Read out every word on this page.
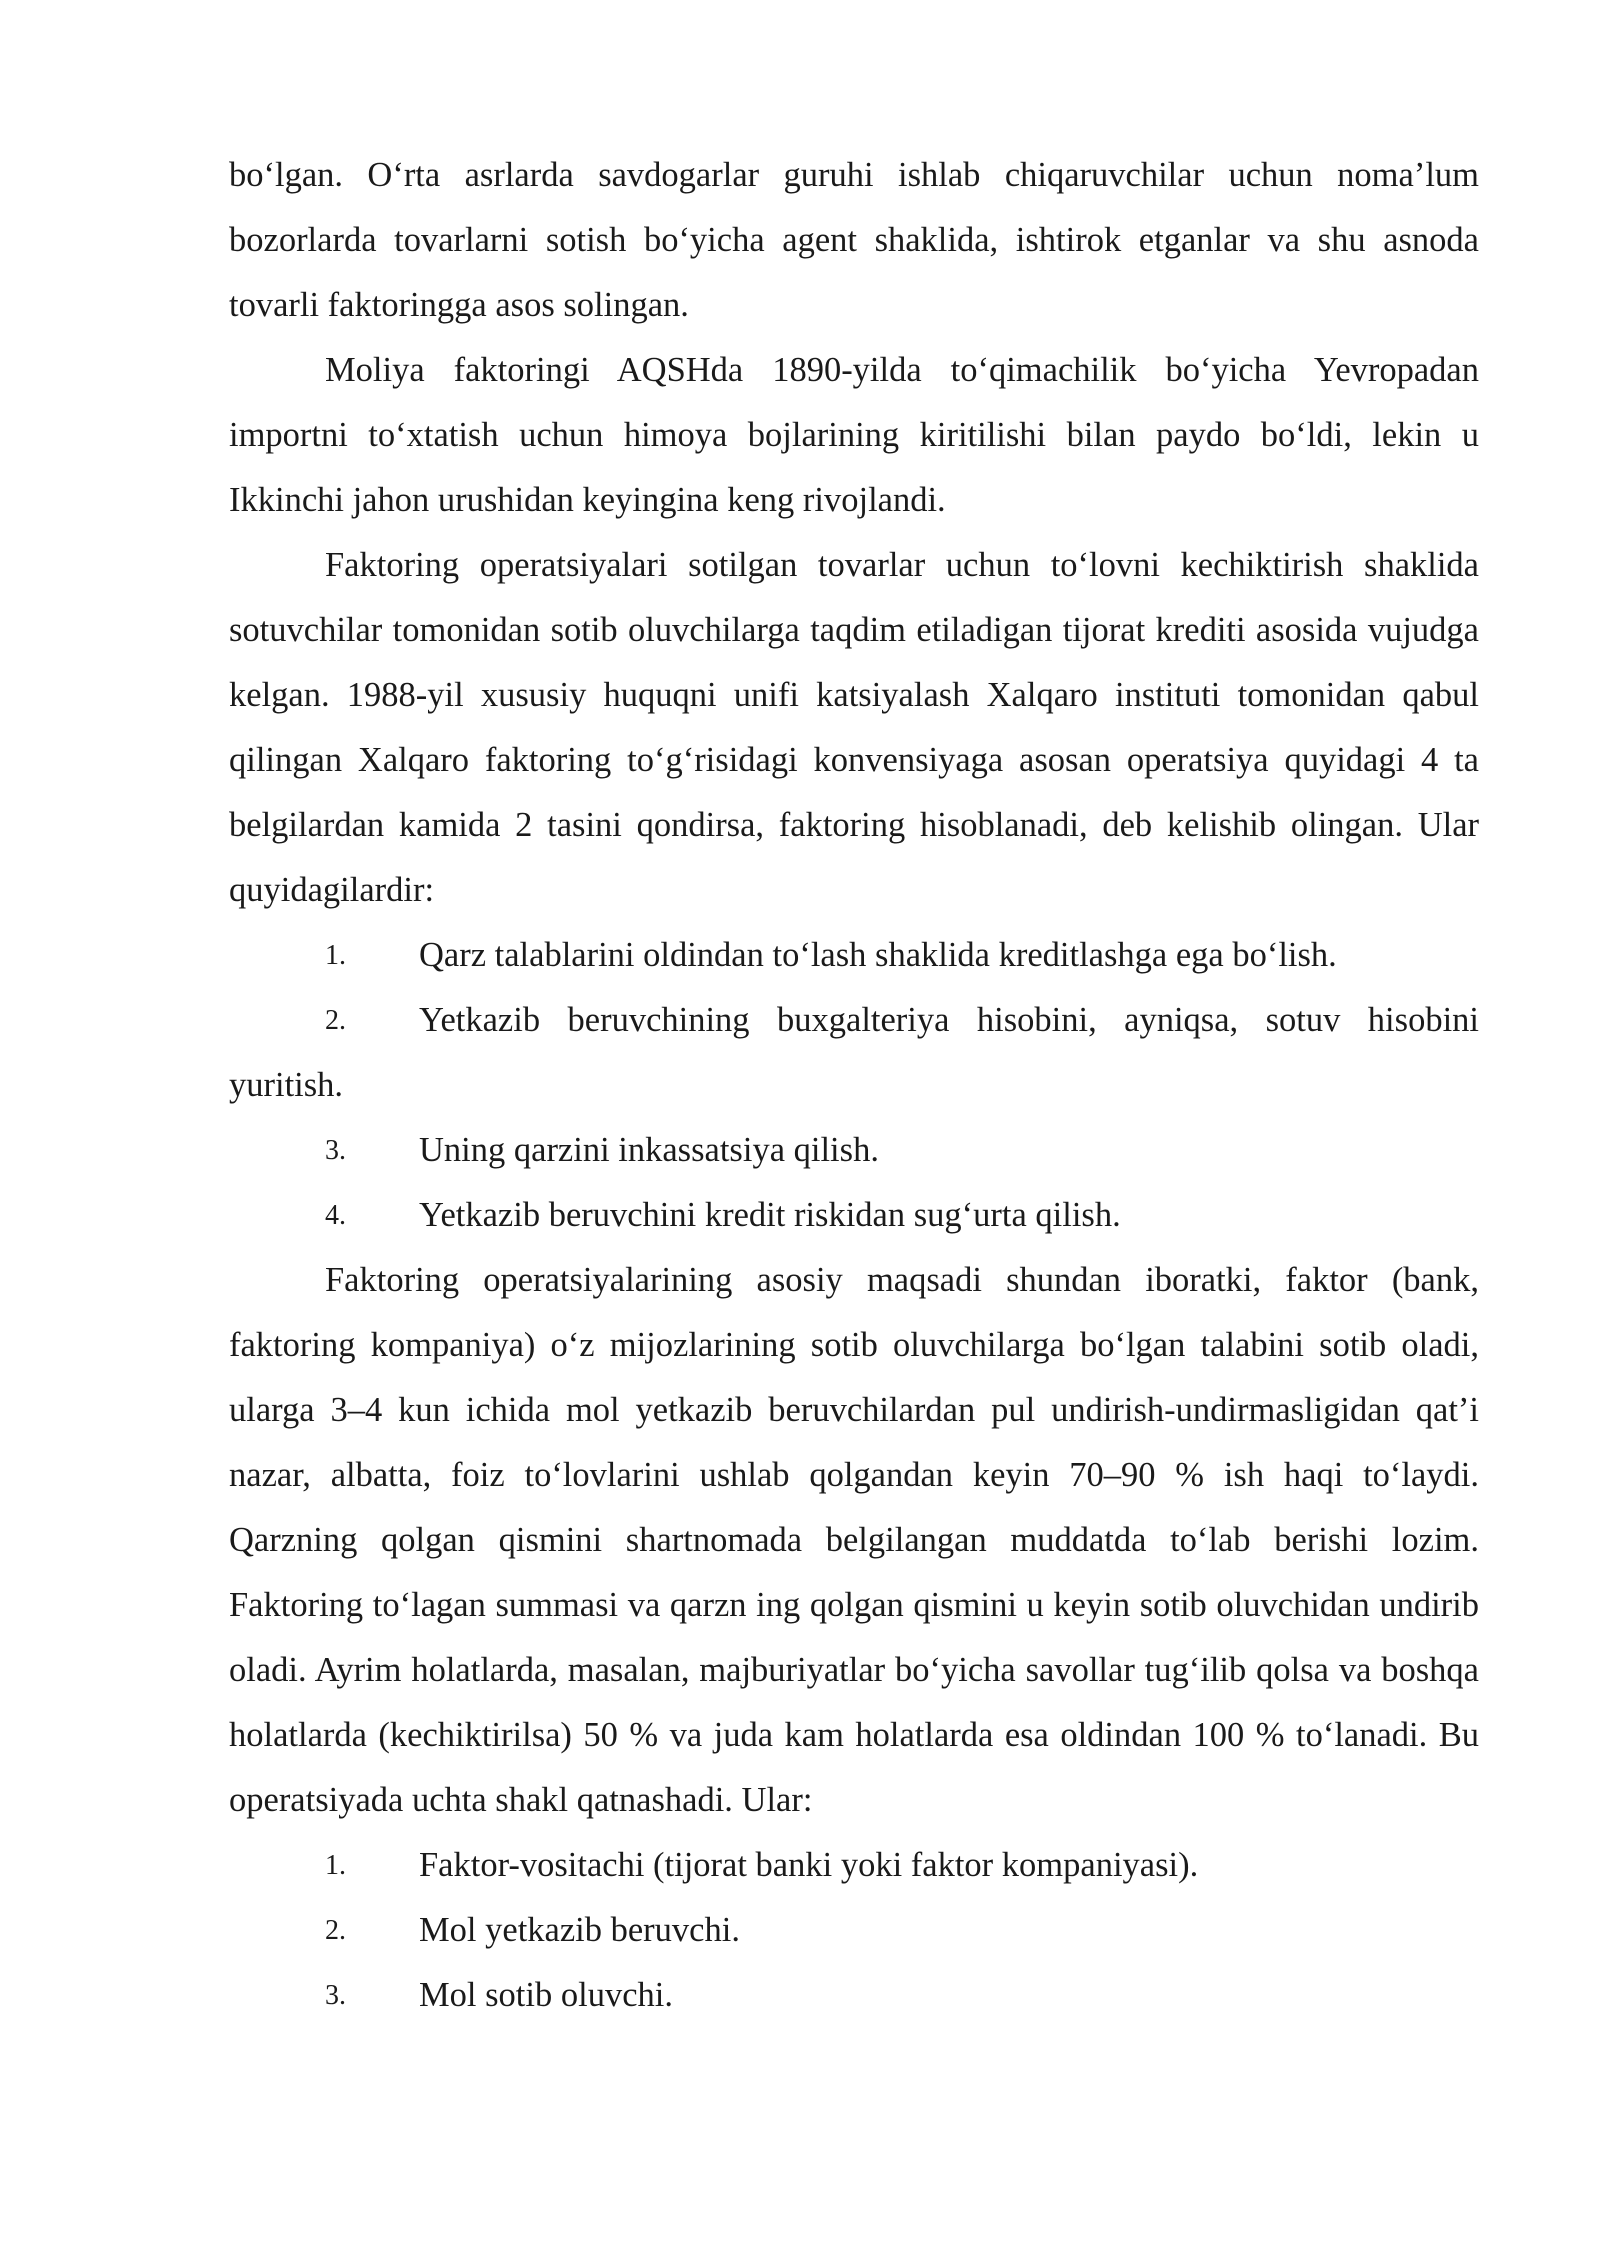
bo‘lgan. O‘rta asrlarda savdogarlar guruhi ishlab chiqaruvchilar uchun noma’lum bozorlarda tovarlarni sotish bo‘yicha agent shaklida, ishtirok etganlar va shu asnoda tovarli faktoringga asos solingan.

Moliya faktoringi AQSHda 1890-yilda to‘qimachilik bo‘yicha Yevropadan importni to‘xtatish uchun himoya bojlarining kiritilishi bilan paydo bo‘ldi, lekin u Ikkinchi jahon urushidan keyingina keng rivojlandi.

Faktoring operatsiyalari sotilgan tovarlar uchun to‘lovni kechiktirish shaklida sotuvchilar tomonidan sotib oluvchilarga taqdim etiladigan tijorat krediti asosida vujudga kelgan. 1988-yil xususiy huquqni unifi katsiyalash Xalqaro instituti tomonidan qabul qilingan Xalqaro faktoring to‘g‘risidagi konvensiyaga asosan operatsiya quyidagi 4 ta belgilardan kamida 2 tasini qondirsa, faktoring hisoblanadi, deb kelishib olingan. Ular quyidagilardir:

1. Qarz talablarini oldindan to‘lash shaklida kreditlashga ega bo‘lish.
2. Yetkazib beruvchining buxgalteriya hisobini, ayniqsa, sotuv hisobini yuritish.
3. Uning qarzini inkassatsiya qilish.
4. Yetkazib beruvchini kredit riskidan sug‘urta qilish.

Faktoring operatsiyalarining asosiy maqsadi shundan iboratki, faktor (bank, faktoring kompaniya) o‘z mijozlarining sotib oluvchilarga bo‘lgan talabini sotib oladi, ularga 3–4 kun ichida mol yetkazib beruvchilardan pul undirish-undirmasligidan qat’i nazar, albatta, foiz to‘lovlarini ushlab qolgandan keyin 70–90 % ish haqi to‘laydi. Qarzning qolgan qismini shartnomada belgilangan muddatda to‘lab berishi lozim. Faktoring to‘lagan summasi va qarzn ing qolgan qismini u keyin sotib oluvchidan undirib oladi. Ayrim holatlarda, masalan, majburiyatlar bo‘yicha savollar tug‘ilib qolsa va boshqa holatlarda (kechiktirilsa) 50 % va juda kam holatlarda esa oldindan 100 % to‘lanadi. Bu operatsiyada uchta shakl qatnashadi. Ular:

1. Faktor-vositachi (tijorat banki yoki faktor kompaniyasi).
2. Mol yetkazib beruvchi.
3. Mol sotib oluvchi.
